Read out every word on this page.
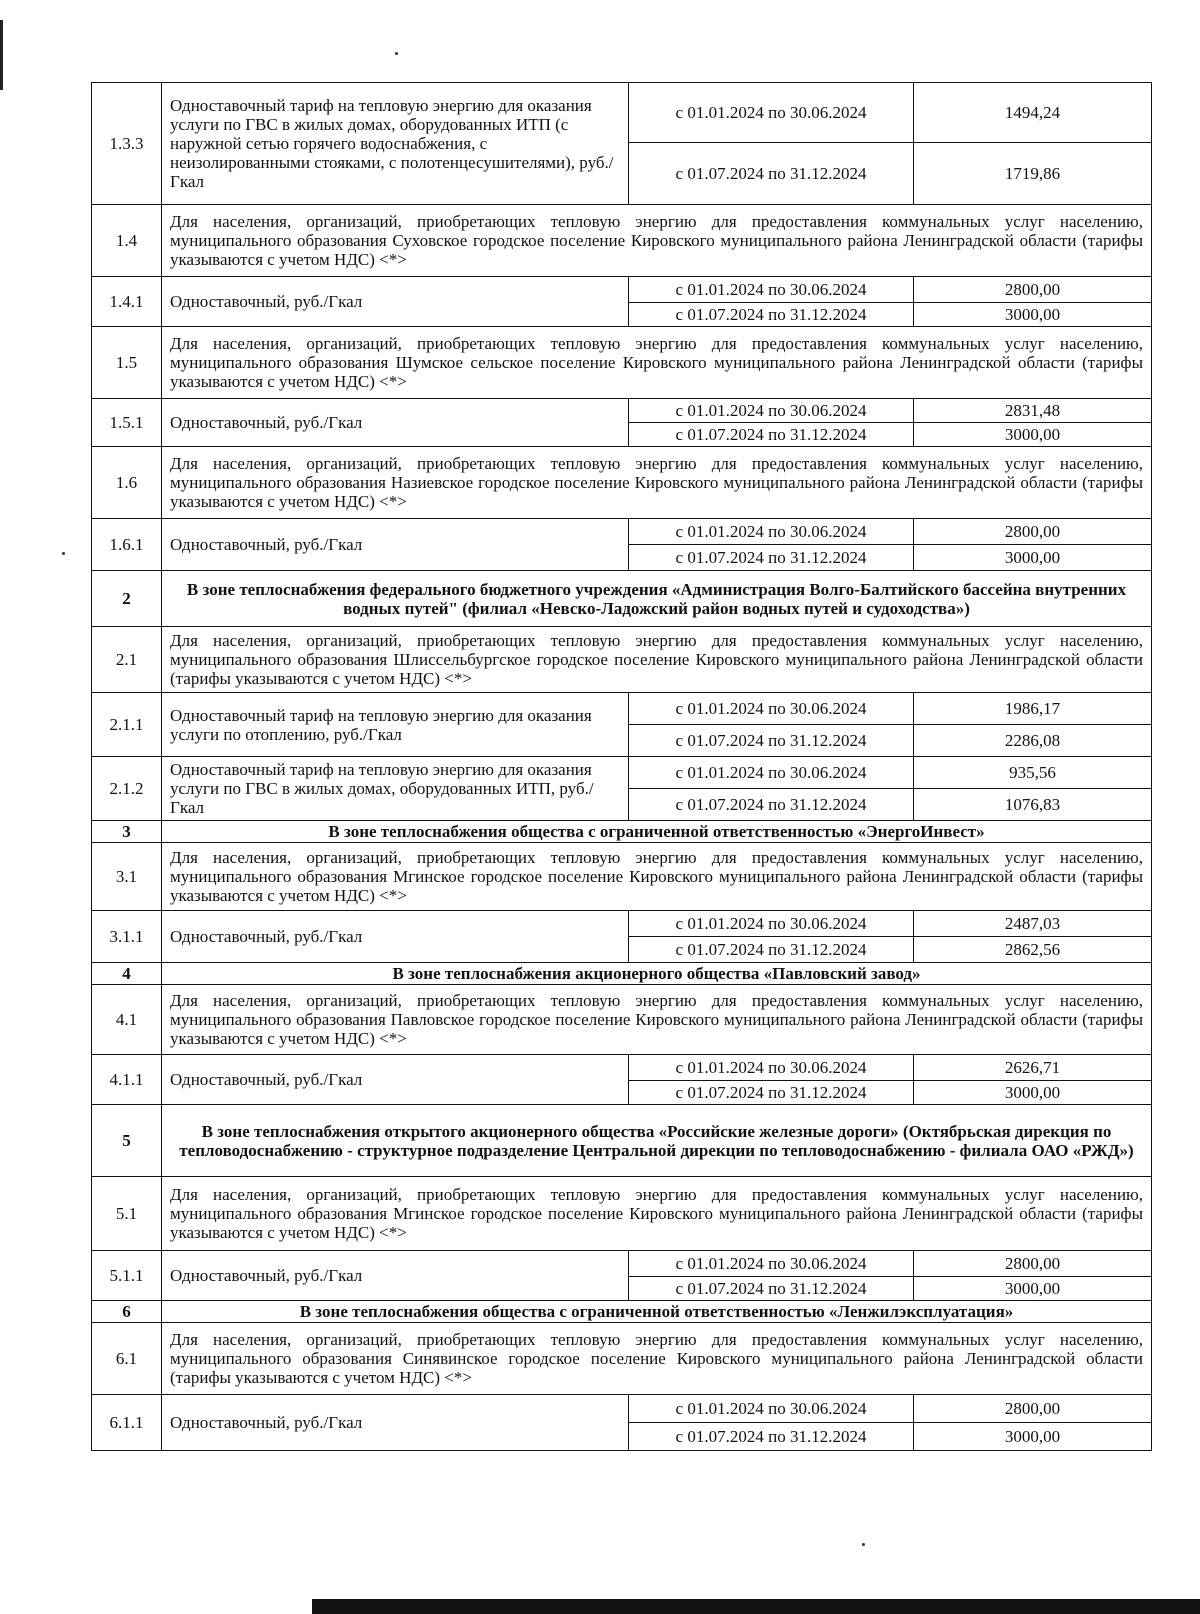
1.3.3	Одноставочный тариф на тепловую энергию для оказания услуги по ГВС в жилых домах, оборудованных ИТП (с наружной сетью горячего водоснабжения, с неизолированными стояками, с полотенцесушителями), руб./Гкал	с 01.01.2024 по 30.06.2024	1494,24
		с 01.07.2024 по 31.12.2024	1719,86
1.4	Для населения, организаций, приобретающих тепловую энергию для предоставления коммунальных услуг населению, муниципального образования Суховское городское поселение Кировского муниципального района Ленинградской области (тарифы указываются с учетом НДС) <*>		
1.4.1	Одноставочный, руб./Гкал	с 01.01.2024 по 30.06.2024	2800,00
		с 01.07.2024 по 31.12.2024	3000,00
1.5	Для населения, организаций, приобретающих тепловую энергию для предоставления коммунальных услуг населению, муниципального образования Шумское сельское поселение Кировского муниципального района Ленинградской области (тарифы указываются с учетом НДС) <*>		
1.5.1	Одноставочный, руб./Гкал	с 01.01.2024 по 30.06.2024	2831,48
		с 01.07.2024 по 31.12.2024	3000,00
1.6	Для населения, организаций, приобретающих тепловую энергию для предоставления коммунальных услуг населению, муниципального образования Назиевское городское поселение Кировского муниципального района Ленинградской области (тарифы указываются с учетом НДС) <*>		
1.6.1	Одноставочный, руб./Гкал	с 01.01.2024 по 30.06.2024	2800,00
		с 01.07.2024 по 31.12.2024	3000,00
2	В зоне теплоснабжения федерального бюджетного учреждения «Администрация Волго-Балтийского бассейна внутренних водных путей" (филиал «Невско-Ладожский район водных путей и судоходства»)		
2.1	Для населения, организаций, приобретающих тепловую энергию для предоставления коммунальных услуг населению, муниципального образования Шлиссельбургское городское поселение Кировского муниципального района Ленинградской области (тарифы указываются с учетом НДС) <*>		
2.1.1	Одноставочный тариф на тепловую энергию для оказания услуги по отоплению, руб./Гкал	с 01.01.2024 по 30.06.2024	1986,17
		с 01.07.2024 по 31.12.2024	2286,08
2.1.2	Одноставочный тариф на тепловую энергию для оказания услуги по ГВС в жилых домах, оборудованных ИТП, руб./Гкал	с 01.01.2024 по 30.06.2024	935,56
		с 01.07.2024 по 31.12.2024	1076,83
3	В зоне теплоснабжения общества с ограниченной ответственностью «ЭнергоИнвест»		
3.1	Для населения, организаций, приобретающих тепловую энергию для предоставления коммунальных услуг населению, муниципального образования Мгинское городское поселение Кировского муниципального района Ленинградской области (тарифы указываются с учетом НДС) <*>		
3.1.1	Одноставочный, руб./Гкал	с 01.01.2024 по 30.06.2024	2487,03
		с 01.07.2024 по 31.12.2024	2862,56
4	В зоне теплоснабжения акционерного общества «Павловский завод»		
4.1	Для населения, организаций, приобретающих тепловую энергию для предоставления коммунальных услуг населению, муниципального образования Павловское городское поселение Кировского муниципального района Ленинградской области (тарифы указываются с учетом НДС) <*>		
4.1.1	Одноставочный, руб./Гкал	с 01.01.2024 по 30.06.2024	2626,71
		с 01.07.2024 по 31.12.2024	3000,00
5	В зоне теплоснабжения открытого акционерного общества «Российские железные дороги» (Октябрьская дирекция по тепловодоснабжению - структурное подразделение Центральной дирекции по тепловодоснабжению - филиала ОАО «РЖД»)		
5.1	Для населения, организаций, приобретающих тепловую энергию для предоставления коммунальных услуг населению, муниципального образования Мгинское городское поселение Кировского муниципального района Ленинградской области (тарифы указываются с учетом НДС) <*>		
5.1.1	Одноставочный, руб./Гкал	с 01.01.2024 по 30.06.2024	2800,00
		с 01.07.2024 по 31.12.2024	3000,00
6	В зоне теплоснабжения общества с ограниченной ответственностью «Ленжилэксплуатация»		
6.1	Для населения, организаций, приобретающих тепловую энергию для предоставления коммунальных услуг населению, муниципального образования Синявинское городское поселение Кировского муниципального района Ленинградской области (тарифы указываются с учетом НДС) <*>		
6.1.1	Одноставочный, руб./Гкал	с 01.01.2024 по 30.06.2024	2800,00
		с 01.07.2024 по 31.12.2024	3000,00
